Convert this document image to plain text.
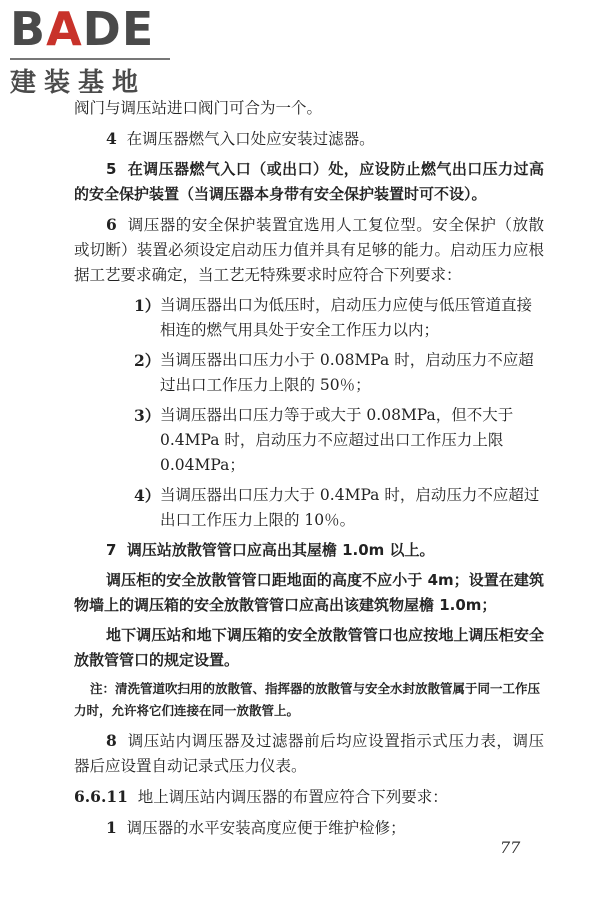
BADE
建装基地

阀门与调压站进口阀门可合为一个。

4 在调压器燃气入口处应安装过滤器。

5 在调压器燃气入口（或出口）处，应设防止燃气出口压力过高的安全保护装置（当调压器本身带有安全保护装置时可不设）。

6 调压器的安全保护装置宜选用人工复位型。安全保护（放散或切断）装置必须设定启动压力值并具有足够的能力。启动压力应根据工艺要求确定，当工艺无特殊要求时应符合下列要求：

1） 当调压器出口为低压时，启动压力应使与低压管道直接相连的燃气用具处于安全工作压力以内；
2） 当调压器出口压力小于 0.08MPa 时，启动压力不应超过出口工作压力上限的 50％；
3） 当调压器出口压力等于或大于 0.08MPa，但不大于 0.4MPa 时，启动压力不应超过出口工作压力上限 0.04MPa；
4） 当调压器出口压力大于 0.4MPa 时，启动压力不应超过出口工作压力上限的 10％。

7 调压站放散管管口应高出其屋檐 1.0m 以上。

调压柜的安全放散管管口距地面的高度不应小于 4m；设置在建筑物墙上的调压箱的安全放散管管口应高出该建筑物屋檐 1.0m；

地下调压站和地下调压箱的安全放散管管口也应按地上调压柜安全放散管管口的规定设置。

注：清洗管道吹扫用的放散管、指挥器的放散管与安全水封放散管属于同一工作压力时，允许将它们连接在同一放散管上。

8 调压站内调压器及过滤器前后均应设置指示式压力表，调压器后应设置自动记录式压力仪表。

6.6.11 地上调压站内调压器的布置应符合下列要求：

1 调压器的水平安装高度应便于维护检修；

77
